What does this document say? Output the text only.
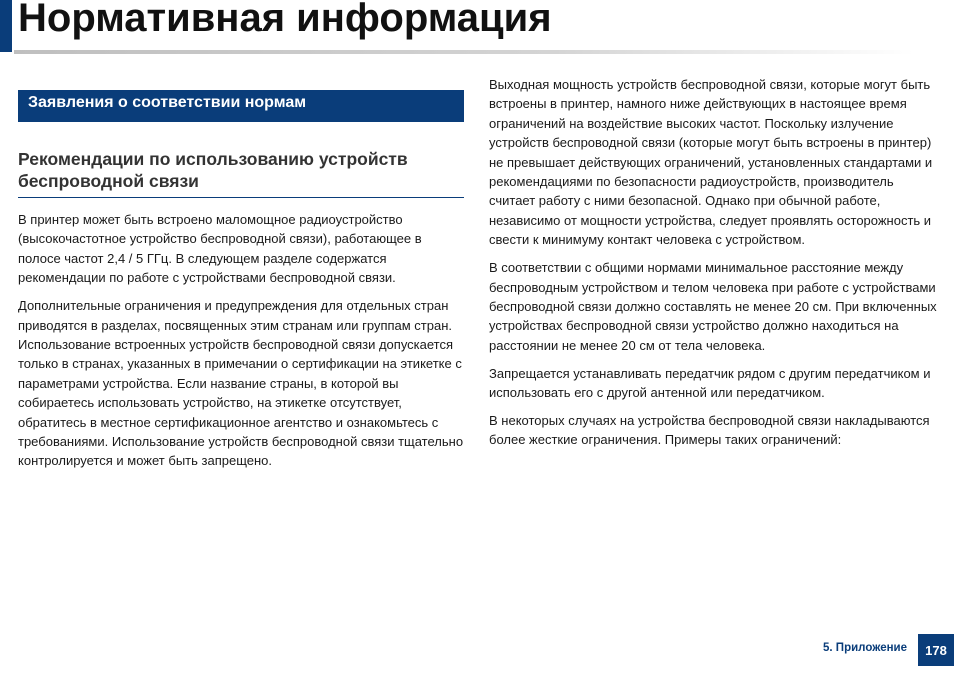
Нормативная информация
Заявления о соответствии нормам
Рекомендации по использованию устройств беспроводной связи

В принтер может быть встроено маломощное радиоустройство (высокочастотное устройство беспроводной связи), работающее в полосе частот 2,4 / 5 ГГц. В следующем разделе содержатся рекомендации по работе с устройствами беспроводной связи.

Дополнительные ограничения и предупреждения для отдельных стран приводятся в разделах, посвященных этим странам или группам стран. Использование встроенных устройств беспроводной связи допускается только в странах, указанных в примечании о сертификации на этикетке с параметрами устройства. Если название страны, в которой вы собираетесь использовать устройство, на этикетке отсутствует, обратитесь в местное сертификационное агентство и ознакомьтесь с требованиями. Использование устройств беспроводной связи тщательно контролируется и может быть запрещено.

Выходная мощность устройств беспроводной связи, которые могут быть встроены в принтер, намного ниже действующих в настоящее время ограничений на воздействие высоких частот. Поскольку излучение устройств беспроводной связи (которые могут быть встроены в принтер) не превышает действующих ограничений, установленных стандартами и рекомендациями по безопасности радиоустройств, производитель считает работу с ними безопасной. Однако при обычной работе, независимо от мощности устройства, следует проявлять осторожность и свести к минимуму контакт человека с устройством.

В соответствии с общими нормами минимальное расстояние между беспроводным устройством и телом человека при работе с устройствами беспроводной связи должно составлять не менее 20 см. При включенных устройствах беспроводной связи устройство должно находиться на расстоянии не менее 20 см от тела человека.

Запрещается устанавливать передатчик рядом с другим передатчиком и использовать его с другой антенной или передатчиком.

В некоторых случаях на устройства беспроводной связи накладываются более жесткие ограничения. Примеры таких ограничений:

5. Приложение	178
